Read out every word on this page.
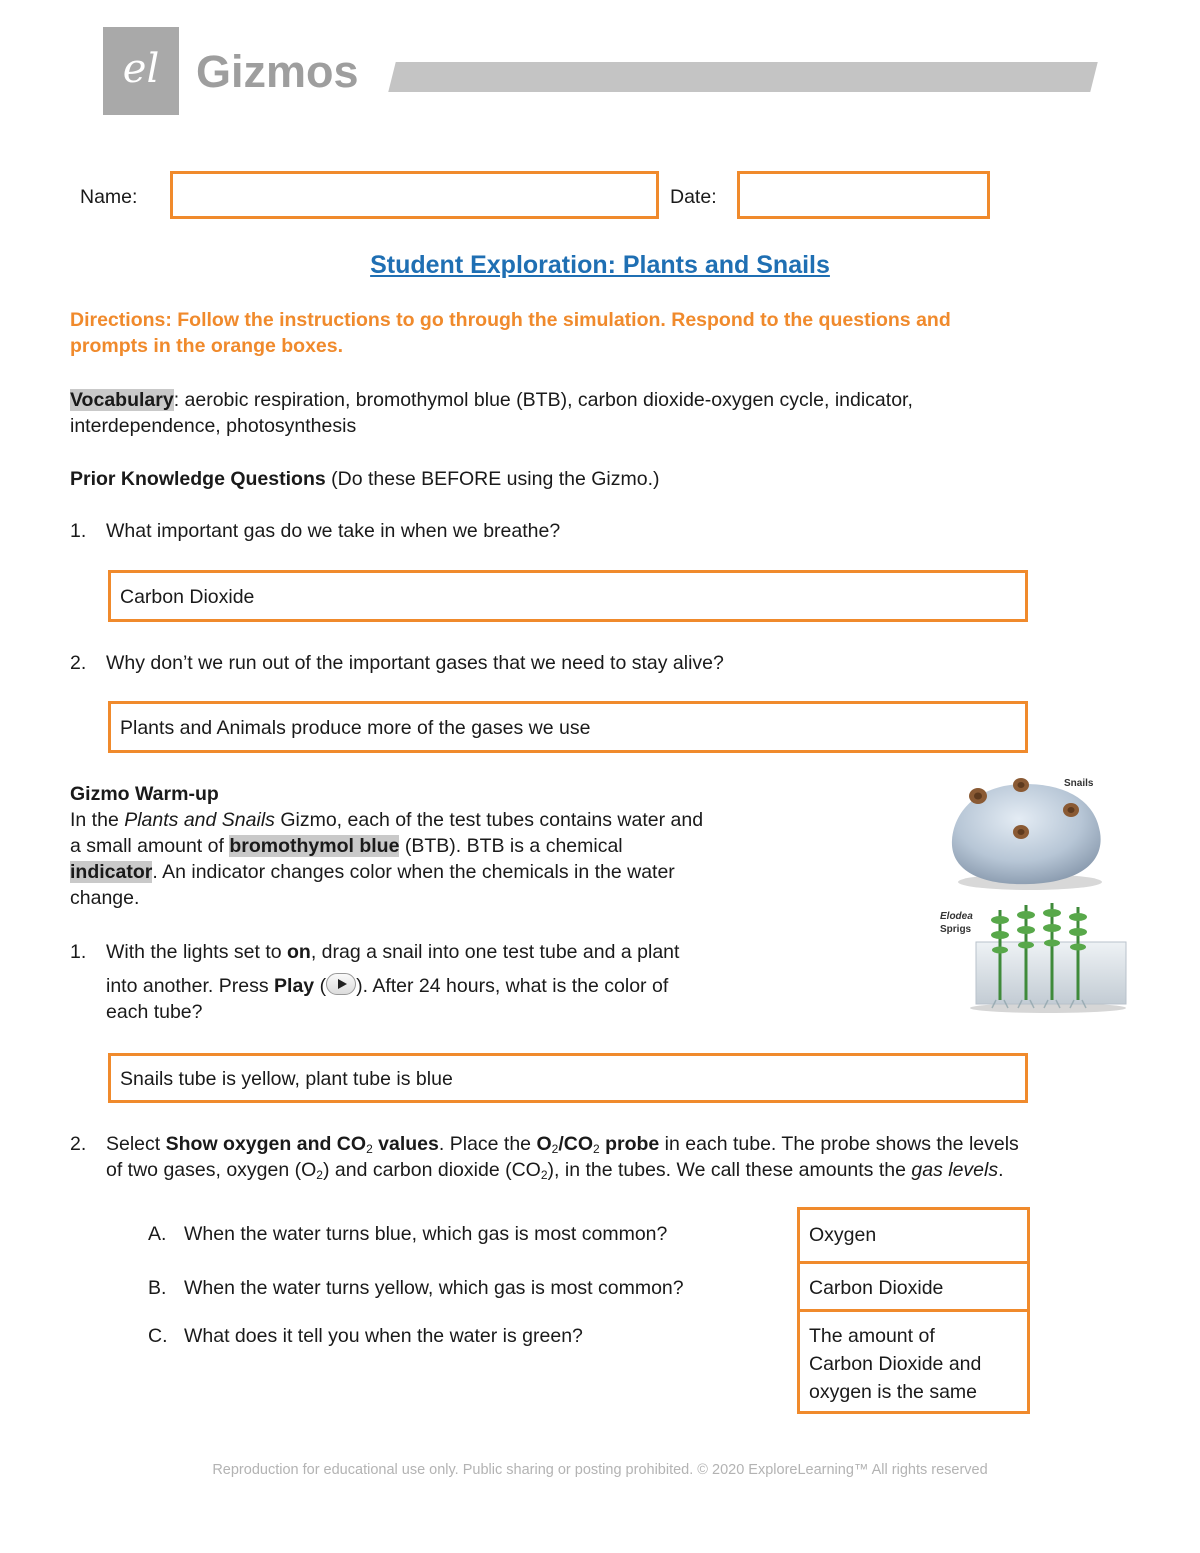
el Gizmos
Name:	Date:
Student Exploration: Plants and Snails
Directions: Follow the instructions to go through the simulation. Respond to the questions and
prompts in the orange boxes.
Vocabulary: aerobic respiration, bromothymol blue (BTB), carbon dioxide-oxygen cycle, indicator,
interdependence, photosynthesis
Prior Knowledge Questions (Do these BEFORE using the Gizmo.)
1. What important gas do we take in when we breathe?
Carbon Dioxide
2. Why don’t we run out of the important gases that we need to stay alive?
Plants and Animals produce more of the gases we use
Gizmo Warm-up
In the Plants and Snails Gizmo, each of the test tubes contains water and
a small amount of bromothymol blue (BTB). BTB is a chemical
indicator. An indicator changes color when the chemicals in the water
change.
Snails
Elodea
Sprigs
1. With the lights set to on, drag a snail into one test tube and a plant
into another. Press Play ( ). After 24 hours, what is the color of
each tube?
Snails tube is yellow, plant tube is blue
2. Select Show oxygen and $CO_2$ values. Place the $O_2/CO_2$ probe in each tube. The probe shows the levels
of two gases, oxygen $(O_2)$ and carbon dioxide $(CO_2)$, in the tubes. We call these amounts the gas levels.
A. When the water turns blue, which gas is most common?
B. When the water turns yellow, which gas is most common?
C. What does it tell you when the water is green?
Oxygen
Carbon Dioxide
The amount of
Carbon Dioxide and
oxygen is the same
Reproduction for educational use only. Public sharing or posting prohibited. © 2020 ExploreLearning™ All rights reserved
